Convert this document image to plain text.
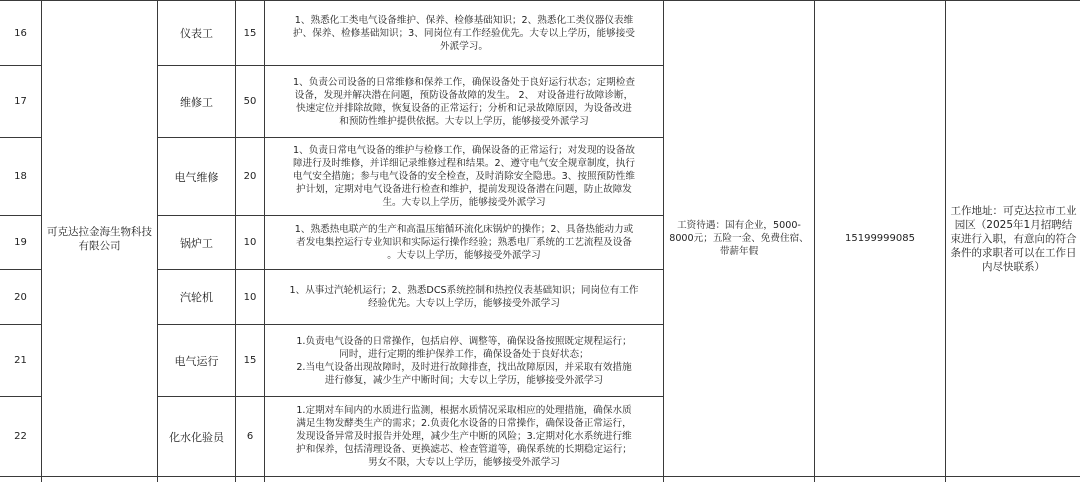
16	可克达拉金海生物科技有限公司	仪表工	15	1、熟悉化工类电气设备维护、保养、检修基础知识；2、熟悉化工类仪器仪表维
护、保养、检修基础知识；3、同岗位有工作经验优先。大专以上学历，能够接受
外派学习。	工资待遇：国有企业，5000-8000元；五险一金、免费住宿、带薪年假	15199999085	工作地址：可克达拉市工业园区（2025年1月招聘结束进行入职，有意向的符合条件的求职者可以在工作日内尽快联系）
17		维修工	50	1、负责公司设备的日常维修和保养工作，确保设备处于良好运行状态；定期检查
设备，发现并解决潜在问题，预防设备故障的发生。 2、 对设备进行故障诊断，
快速定位并排除故障，恢复设备的正常运行；分析和记录故障原因，为设备改进
和预防性维护提供依据。大专以上学历，能够接受外派学习			
18		电气维修	20	1、负责日常电气设备的维护与检修工作，确保设备的正常运行；对发现的设备故
障进行及时维修，并详细记录维修过程和结果。2、遵守电气安全规章制度，执行
电气安全措施；参与电气设备的安全检查，及时消除安全隐患。3、按照预防性维
护计划，定期对电气设备进行检查和维护，提前发现设备潜在问题，防止故障发
生。大专以上学历，能够接受外派学习			
19		锅炉工	10	1、熟悉热电联产的生产和高温压缩循环流化床锅炉的操作；2、具备热能动力或
者发电集控运行专业知识和实际运行操作经验；熟悉电厂系统的工艺流程及设备
。大专以上学历，能够接受外派学习			
20		汽轮机	10	1、从事过汽轮机运行；2、熟悉DCS系统控制和热控仪表基础知识；同岗位有工作
经验优先。大专以上学历，能够接受外派学习			
21		电气运行	15	1.负责电气设备的日常操作，包括启停、调整等，确保设备按照既定规程运行；
同时，进行定期的维护保养工作，确保设备处于良好状态；
2.当电气设备出现故障时，及时进行故障排查，找出故障原因，并采取有效措施
进行修复，减少生产中断时间；大专以上学历，能够接受外派学习			
22		化水化验员	6	1.定期对车间内的水质进行监测，根据水质情况采取相应的处理措施，确保水质
满足生物发酵类生产的需求；2.负责化水设备的日常操作，确保设备正常运行，
发现设备异常及时报告并处理，减少生产中断的风险；3.定期对化水系统进行维
护和保养，包括清理设备、更换滤芯、检查管道等，确保系统的长期稳定运行；
男女不限，大专以上学历，能够接受外派学习			
